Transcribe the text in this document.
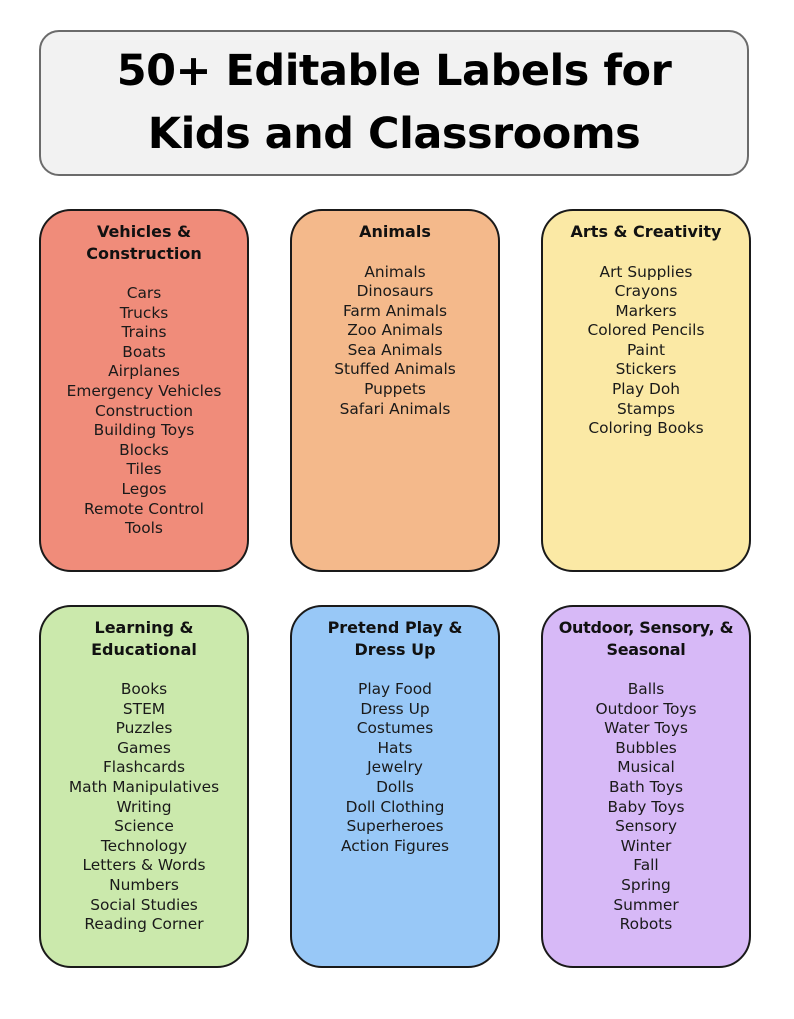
50+ Editable Labels for
Kids and Classrooms
Vehicles &
Construction
Cars
Trucks
Trains
Boats
Airplanes
Emergency Vehicles
Construction
Building Toys
Blocks
Tiles
Legos
Remote Control
Tools
Animals
Animals
Dinosaurs
Farm Animals
Zoo Animals
Sea Animals
Stuffed Animals
Puppets
Safari Animals
Arts & Creativity
Art Supplies
Crayons
Markers
Colored Pencils
Paint
Stickers
Play Doh
Stamps
Coloring Books
Learning &
Educational
Books
STEM
Puzzles
Games
Flashcards
Math Manipulatives
Writing
Science
Technology
Letters & Words
Numbers
Social Studies
Reading Corner
Pretend Play &
Dress Up
Play Food
Dress Up
Costumes
Hats
Jewelry
Dolls
Doll Clothing
Superheroes
Action Figures
Outdoor, Sensory, &
Seasonal
Balls
Outdoor Toys
Water Toys
Bubbles
Musical
Bath Toys
Baby Toys
Sensory
Winter
Fall
Spring
Summer
Robots
